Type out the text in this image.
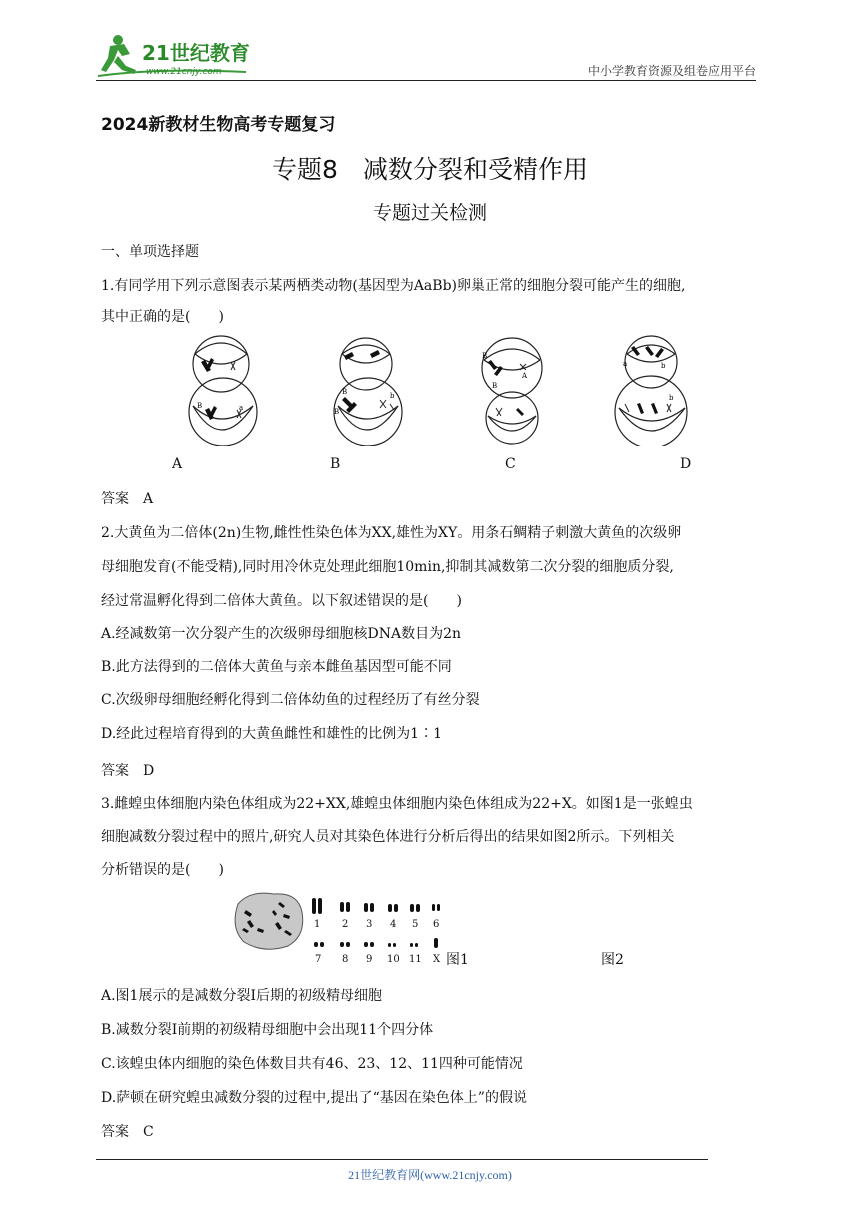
21世纪教育
www.21cnjy.com	中小学教育资源及组卷应用平台
2024新教材生物高考专题复习
专题8　减数分裂和受精作用
专题过关检测
一、单项选择题
1.有同学用下列示意图表示某两栖类动物(基因型为AaBb)卵巢正常的细胞分裂可能产生的细胞,
其中正确的是(　　)
B	a
B	b
B
B
A
B
a	b
b
A	B	C	D
答案　A
2.大黄鱼为二倍体(2n)生物,雌性性染色体为XX,雄性为XY。用条石鲷精子刺激大黄鱼的次级卵
母细胞发育(不能受精),同时用冷休克处理此细胞10min,抑制其减数第二次分裂的细胞质分裂,
经过常温孵化得到二倍体大黄鱼。以下叙述错误的是(　　)
A.经减数第一次分裂产生的次级卵母细胞核DNA数目为2n
B.此方法得到的二倍体大黄鱼与亲本雌鱼基因型可能不同
C.次级卵母细胞经孵化得到二倍体幼鱼的过程经历了有丝分裂
D.经此过程培育得到的大黄鱼雌性和雄性的比例为1∶1
答案　D
3.雌蝗虫体细胞内染色体组成为22+XX,雄蝗虫体细胞内染色体组成为22+X。如图1是一张蝗虫
细胞减数分裂过程中的照片,研究人员对其染色体进行分析后得出的结果如图2所示。下列相关
分析错误的是(　　)
1 2 3 4 5 6
7 8 9 10 11 X 图1	图2
A.图1展示的是减数分裂Ⅰ后期的初级精母细胞
B.减数分裂Ⅰ前期的初级精母细胞中会出现11个四分体
C.该蝗虫体内细胞的染色体数目共有46、23、12、11四种可能情况
D.萨顿在研究蝗虫减数分裂的过程中,提出了“基因在染色体上”的假说
答案　C
21世纪教育网(www.21cnjy.com)
